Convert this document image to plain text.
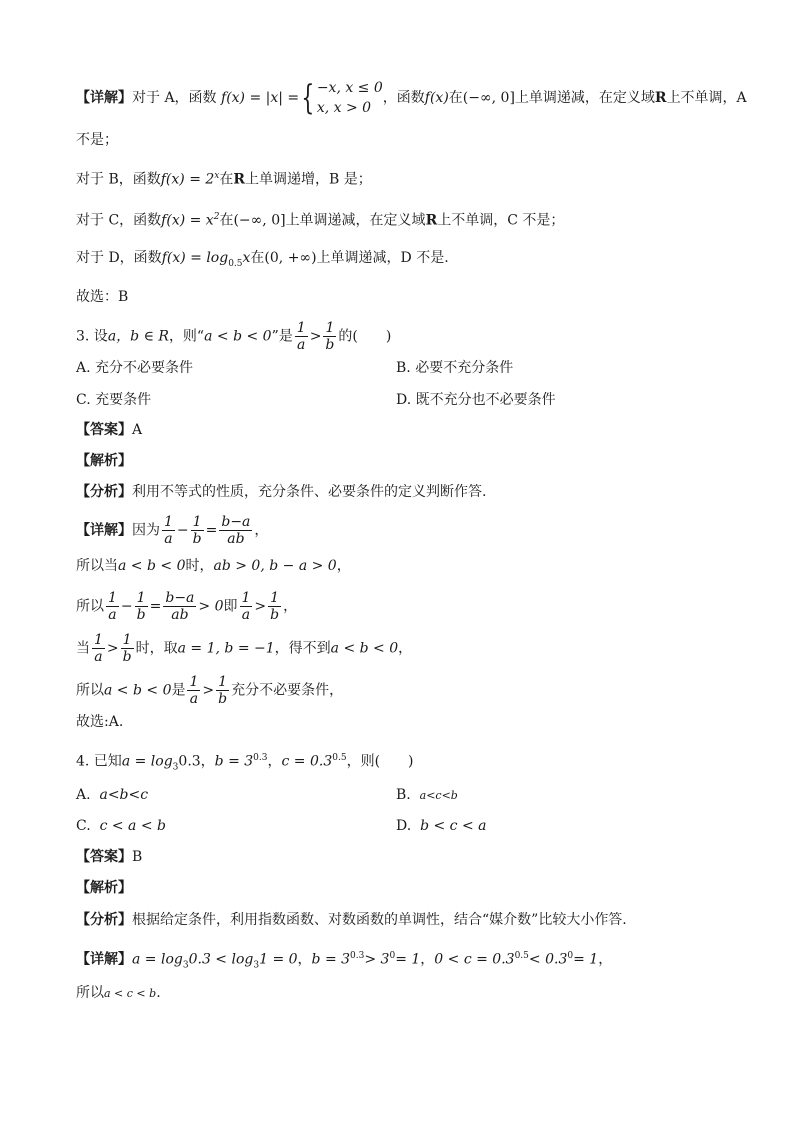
【详解】对于 A，函数 f(x) = |x| ={ −x, x ≤ 0
x, x > 0
，函数f(x)在(−∞, 0]上单调递减，在定义域R上不单调，A
不是；
对于 B，函数$f(x) = 2^x$在R上单调递增，B 是；
对于 C，函数$f(x) = x^2$在(−∞, 0]上单调递减，在定义域R上不单调，C 不是；
对于 D，函数$f(x) = \log_{0.5}x$在(0, +∞)上单调递减，D 不是.
故选：B
3. 设a，b ∈ R，则“a < b < 0”是 $\frac{1}{a} > \frac{1}{b}$ 的(　　)
A. 充分不必要条件	B. 必要不充分条件
C. 充要条件	D. 既不充分也不必要条件
【答案】A
【解析】
【分析】利用不等式的性质，充分条件、必要条件的定义判断作答.
【详解】因为 $\frac{1}{a} - \frac{1}{b} = \frac{b-a}{ab}$ ，
所以当a < b < 0时，ab > 0, b − a > 0，
所以 $\frac{1}{a} - \frac{1}{b} = \frac{b-a}{ab} > 0$即 $\frac{1}{a} > \frac{1}{b}$ ，
当 $\frac{1}{a} > \frac{1}{b}$ 时，取a = 1, b = −1，得不到a < b < 0，
所以a < b < 0是 $\frac{1}{a} > \frac{1}{b}$ 充分不必要条件，
故选:A.
4. 已知$a = \log_30.3$，$b = 3^{0.3}$，$c = 0.3^{0.5}$，则(　　)
A. a<b<c	B. a<c<b
C. c < a < b	D. b < c < a
【答案】B
【解析】
【分析】根据给定条件，利用指数函数、对数函数的单调性，结合“媒介数”比较大小作答.
【详解】$a = \log_30.3 < \log_31 = 0$，$b = 3^{0.3}> 3^0= 1$，$0 < c = 0.3^{0.5}< 0.3^0= 1$，
所以a < c < b.
